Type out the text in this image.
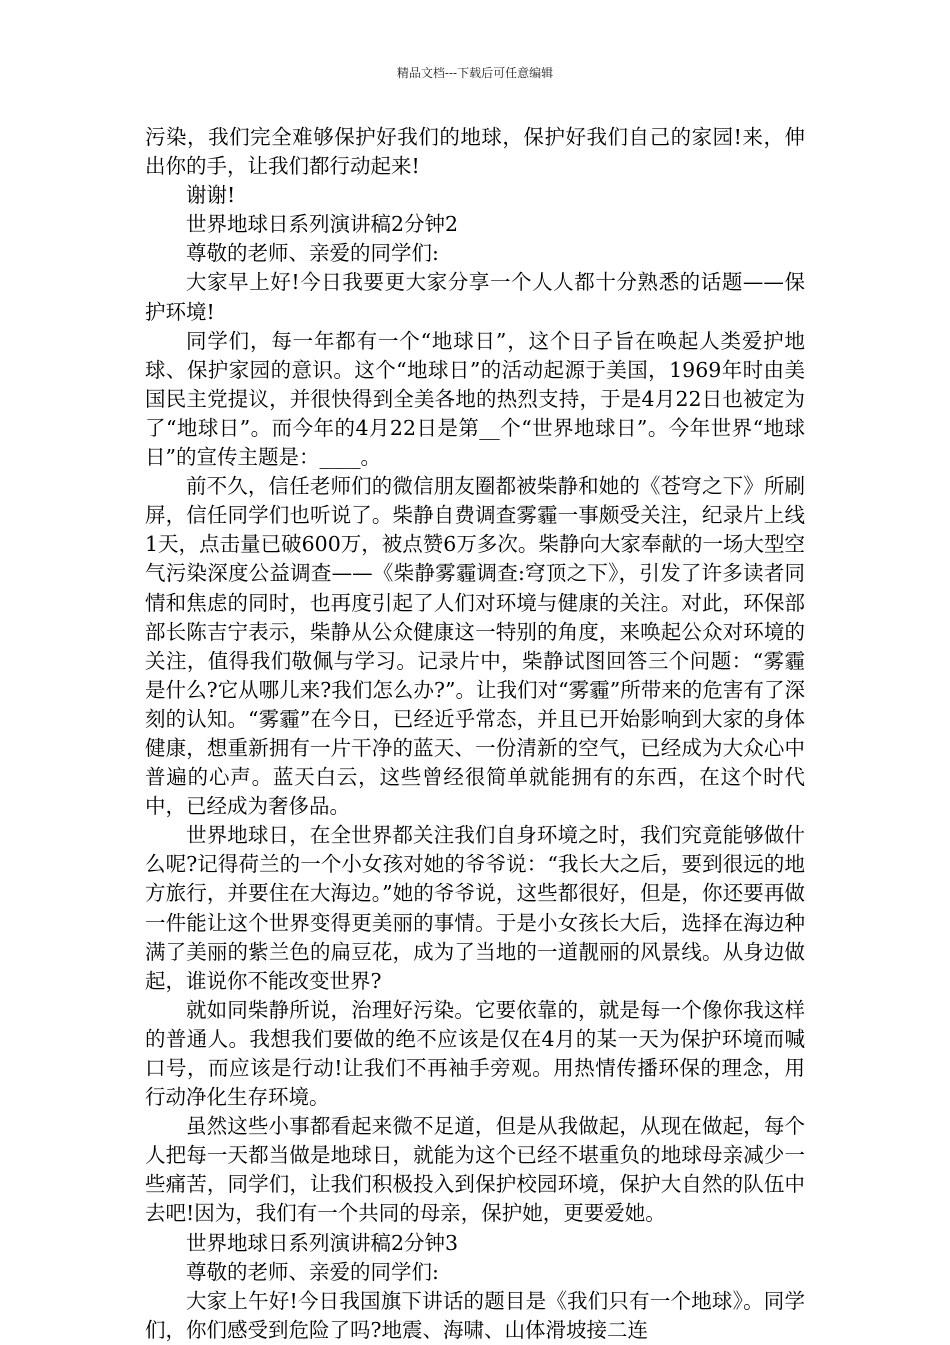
精品文档---下载后可任意编辑

污染，我们完全难够保护好我们的地球，保护好我们自己的家园!来，伸出你的手，让我们都行动起来!

谢谢!

世界地球日系列演讲稿2分钟2

尊敬的老师、亲爱的同学们:

大家早上好!今日我要更大家分享一个人人都十分熟悉的话题——保护环境!

同学们，每一年都有一个“地球日”，这个日子旨在唤起人类爱护地球、保护家园的意识。这个“地球日”的活动起源于美国，1969年时由美国民主党提议，并很快得到全美各地的热烈支持，于是4月22日也被定为了“地球日”。而今年的4月22日是第__个“世界地球日”。今年世界“地球日”的宣传主题是：____。

前不久，信任老师们的微信朋友圈都被柴静和她的《苍穹之下》所刷屏，信任同学们也听说了。柴静自费调查雾霾一事颇受关注，纪录片上线1天，点击量已破600万，被点赞6万多次。柴静向大家奉献的一场大型空气污染深度公益调查——《柴静雾霾调查:穹顶之下》，引发了许多读者同情和焦虑的同时，也再度引起了人们对环境与健康的关注。对此，环保部部长陈吉宁表示，柴静从公众健康这一特别的角度，来唤起公众对环境的关注，值得我们敬佩与学习。记录片中，柴静试图回答三个问题：“雾霾是什么?它从哪儿来?我们怎么办?”。让我们对“雾霾”所带来的危害有了深刻的认知。“雾霾”在今日，已经近乎常态，并且已开始影响到大家的身体健康，想重新拥有一片干净的蓝天、一份清新的空气，已经成为大众心中普遍的心声。蓝天白云，这些曾经很简单就能拥有的东西，在这个时代中，已经成为奢侈品。

世界地球日，在全世界都关注我们自身环境之时，我们究竟能够做什么呢?记得荷兰的一个小女孩对她的爷爷说：“我长大之后，要到很远的地方旅行，并要住在大海边。”她的爷爷说，这些都很好，但是，你还要再做一件能让这个世界变得更美丽的事情。于是小女孩长大后，选择在海边种满了美丽的紫兰色的扁豆花，成为了当地的一道靓丽的风景线。从身边做起，谁说你不能改变世界?

就如同柴静所说，治理好污染。它要依靠的，就是每一个像你我这样的普通人。我想我们要做的绝不应该是仅在4月的某一天为保护环境而喊口号，而应该是行动!让我们不再袖手旁观。用热情传播环保的理念，用行动净化生存环境。

虽然这些小事都看起来微不足道，但是从我做起，从现在做起，每个人把每一天都当做是地球日，就能为这个已经不堪重负的地球母亲减少一些痛苦，同学们，让我们积极投入到保护校园环境，保护大自然的队伍中去吧!因为，我们有一个共同的母亲，保护她，更要爱她。

世界地球日系列演讲稿2分钟3

尊敬的老师、亲爱的同学们:

大家上午好!今日我国旗下讲话的题目是《我们只有一个地球》。同学们，你们感受到危险了吗?地震、海啸、山体滑坡接二连
